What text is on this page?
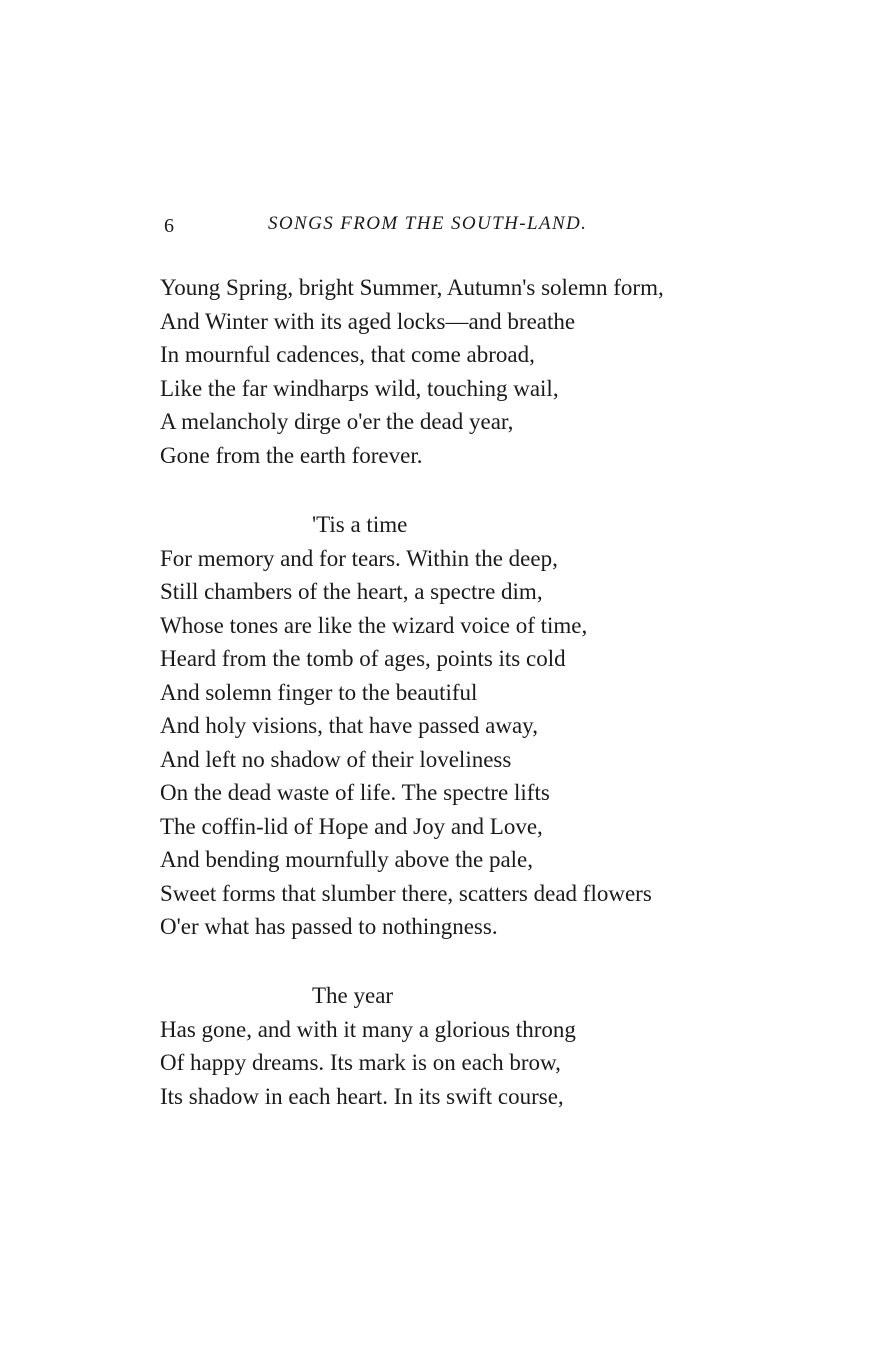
6	SONGS FROM THE SOUTH-LAND.
Young Spring, bright Summer, Autumn's solemn form,
And Winter with its aged locks—and breathe
In mournful cadences, that come abroad,
Like the far windharps wild, touching wail,
A melancholy dirge o'er the dead year,
Gone from the earth forever.
'Tis a time
For memory and for tears. Within the deep,
Still chambers of the heart, a spectre dim,
Whose tones are like the wizard voice of time,
Heard from the tomb of ages, points its cold
And solemn finger to the beautiful
And holy visions, that have passed away,
And left no shadow of their loveliness
On the dead waste of life. The spectre lifts
The coffin-lid of Hope and Joy and Love,
And bending mournfully above the pale,
Sweet forms that slumber there, scatters dead flowers
O'er what has passed to nothingness.
The year
Has gone, and with it many a glorious throng
Of happy dreams. Its mark is on each brow,
Its shadow in each heart. In its swift course,
